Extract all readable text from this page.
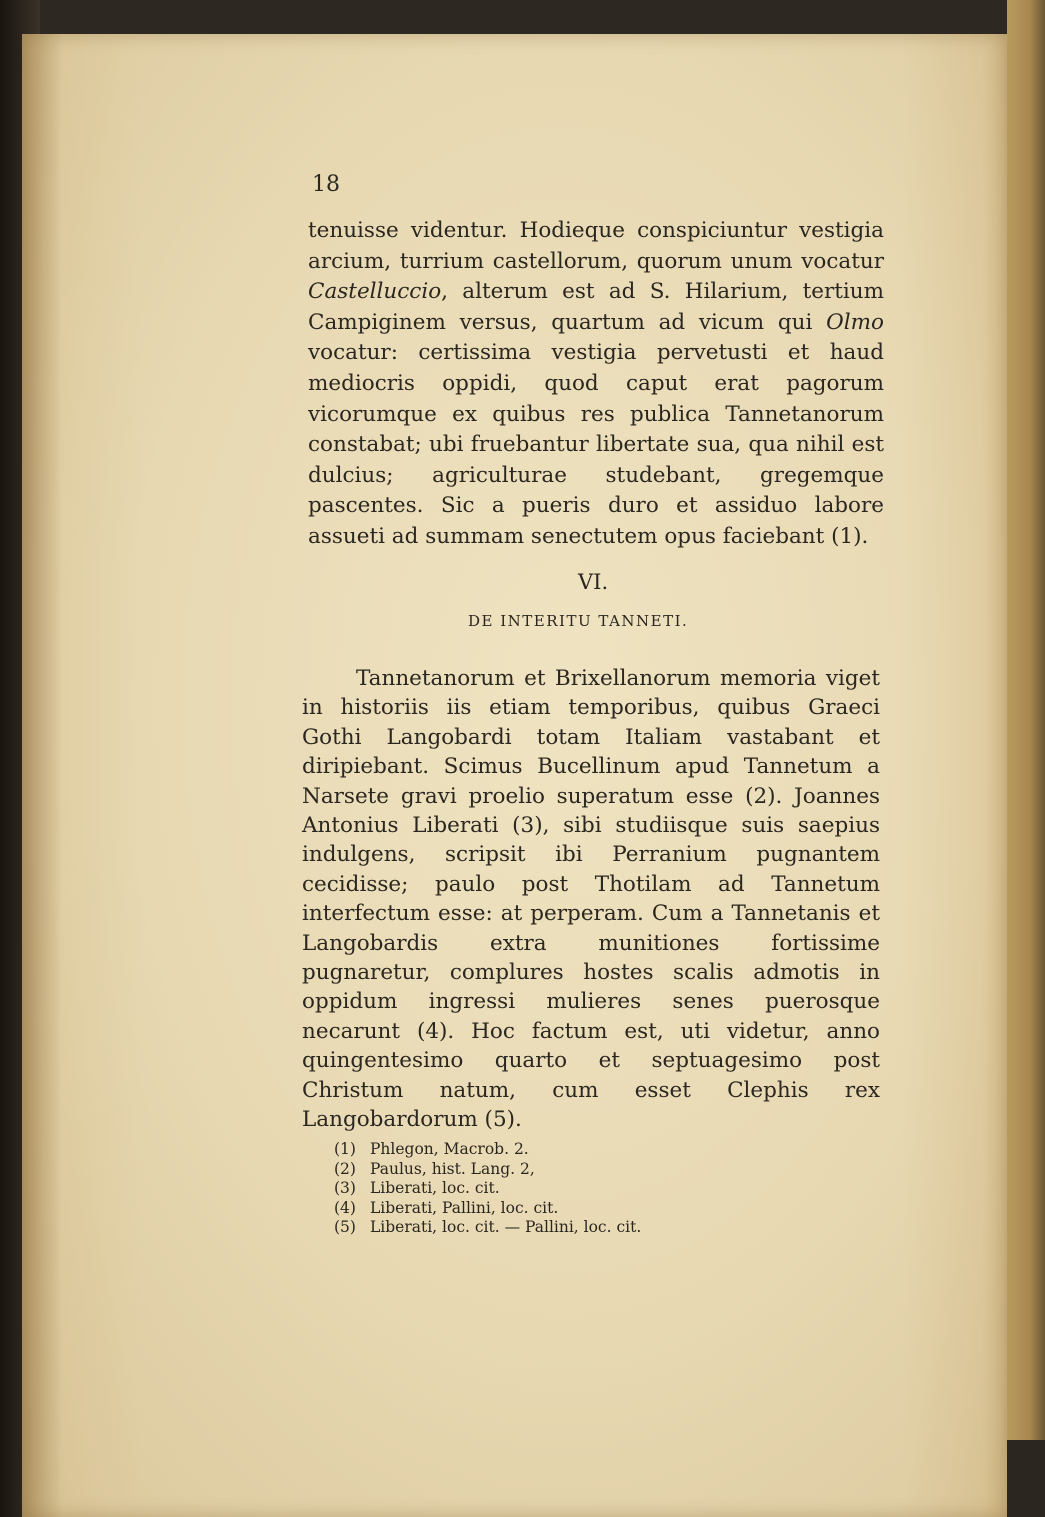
18
tenuisse videntur. Hodieque conspiciuntur vestigia arcium, turrium castellorum, quorum unum vocatur Castelluccio, alterum est ad S. Hilarium, tertium Campiginem versus, quartum ad vicum qui Olmo vocatur: certissima vestigia pervetusti et haud mediocris oppidi, quod caput erat pagorum vicorumque ex quibus res publica Tannetanorum constabat; ubi fruebantur libertate sua, qua nihil est dulcius; agriculturae studebant, gregemque pascentes. Sic a pueris duro et assiduo labore assueti ad summam senectutem opus faciebant (1).
VI.
DE INTERITU TANNETI.
Tannetanorum et Brixellanorum memoria viget in historiis iis etiam temporibus, quibus Graeci Gothi Langobardi totam Italiam vastabant et diripiebant. Scimus Bucellinum apud Tannetum a Narsete gravi proelio superatum esse (2). Joannes Antonius Liberati (3), sibi studiisque suis saepius indulgens, scripsit ibi Perranium pugnantem cecidisse; paulo post Thotilam ad Tannetum interfectum esse: at perperam. Cum a Tannetanis et Langobardis extra munitiones fortissime pugnaretur, complures hostes scalis admotis in oppidum ingressi mulieres senes puerosque necarunt (4). Hoc factum est, uti videtur, anno quingentesimo quarto et septuagesimo post Christum natum, cum esset Clephis rex Langobardorum (5).
(1) Phlegon, Macrob. 2.
(2) Paulus, hist. Lang. 2,
(3) Liberati, loc. cit.
(4) Liberati, Pallini, loc. cit.
(5) Liberati, loc. cit. — Pallini, loc. cit.
